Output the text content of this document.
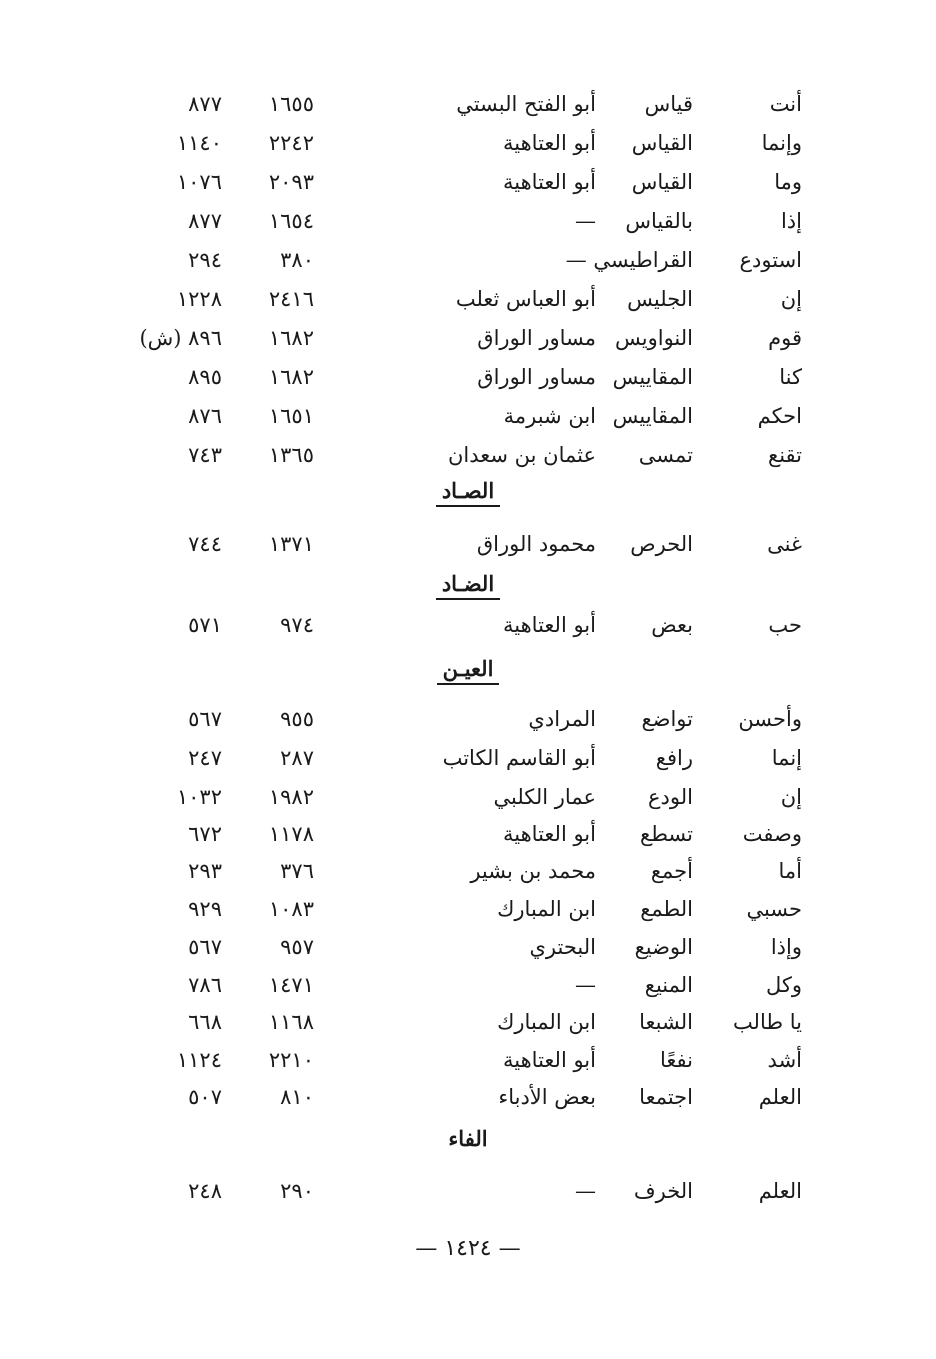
أنت
قياس
أبو الفتح البستي
١٦٥٥
٨٧٧
وإنما
القياس
أبو العتاهية
٢٢٤٢
١١٤٠
وما
القياس
أبو العتاهية
٢٠٩٣
١٠٧٦
إذا
بالقياس
—
١٦٥٤
٨٧٧
استودع
القراطيسي —
٣٨٠
٢٩٤
إن
الجليس
أبو العباس ثعلب
٢٤١٦
١٢٢٨
قوم
النواويس
مساور الوراق
١٦٨٢
٨٩٦ (ش)
كنا
المقاييس
مساور الوراق
١٦٨٢
٨٩٥
احكم
المقاييس
ابن شبرمة
١٦٥١
٨٧٦
تقنع
تمسى
عثمان بن سعدان
١٣٦٥
٧٤٣
الصـاد
غنى
الحرص
محمود الوراق
١٣٧١
٧٤٤
الضـاد
حب
بعض
أبو العتاهية
٩٧٤
٥٧١
العيـن
وأحسن
تواضع
المرادي
٩٥٥
٥٦٧
إنما
رافع
أبو القاسم الكاتب
٢٨٧
٢٤٧
إن
الودع
عمار الكلبي
١٩٨٢
١٠٣٢
وصفت
تسطع
أبو العتاهية
١١٧٨
٦٧٢
أما
أجمع
محمد بن بشير
٣٧٦
٢٩٣
حسبي
الطمع
ابن المبارك
١٠٨٣
٩٢٩
وإذا
الوضيع
البحتري
٩٥٧
٥٦٧
وكل
المنيع
—
١٤٧١
٧٨٦
يا طالب
الشبعا
ابن المبارك
١١٦٨
٦٦٨
أشد
نفعًا
أبو العتاهية
٢٢١٠
١١٢٤
العلم
اجتمعا
بعض الأدباء
٨١٠
٥٠٧
الفاء
العلم
الخرف
—
٢٩٠
٢٤٨
— ١٤٢٤ —
